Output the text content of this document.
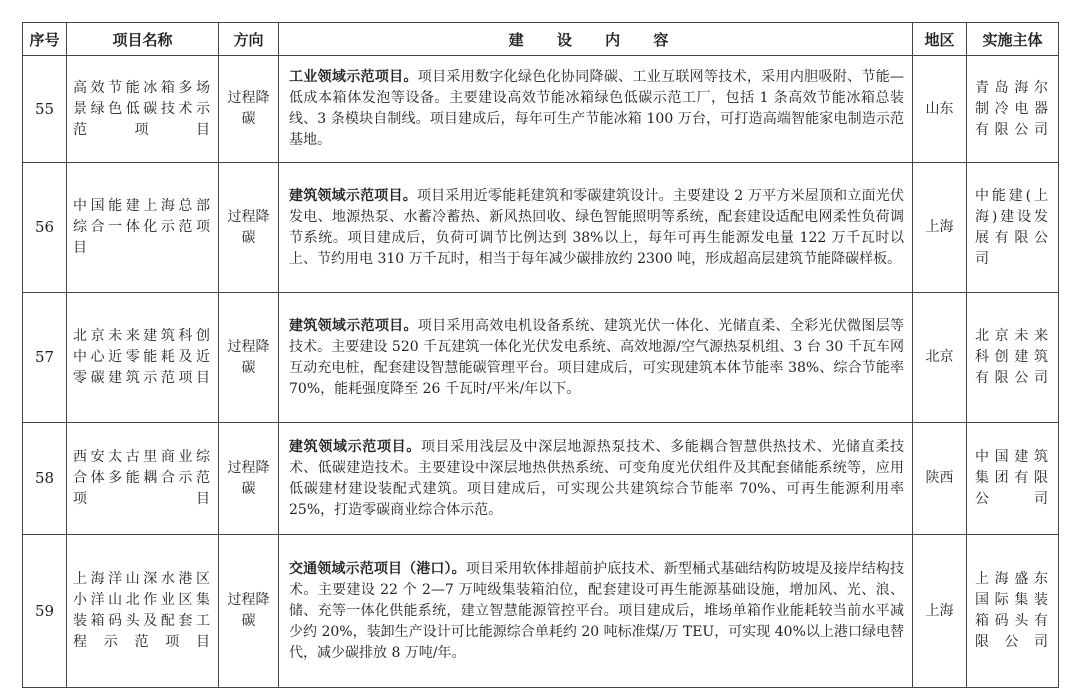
序号	项目名称	方向	建 设 内 容	地区	实施主体
55	高效节能冰箱多场景绿色低碳技术示范项目	过程降碳	工业领域示范项目。项目采用数字化绿色化协同降碳、工业互联网等技术，采用内胆吸附、节能—低成本箱体发泡等设备。主要建设高效节能冰箱绿色低碳示范工厂，包括 1 条高效节能冰箱总装线、3 条模块自制线。项目建成后，每年可生产节能冰箱 100 万台，可打造高端智能家电制造示范基地。	山东	青岛海尔制冷电器有限公司
56	中国能建上海总部综合一体化示范项目	过程降碳	建筑领域示范项目。项目采用近零能耗建筑和零碳建筑设计。主要建设 2 万平方米屋顶和立面光伏发电、地源热泵、水蓄冷蓄热、新风热回收、绿色智能照明等系统，配套建设适配电网柔性负荷调节系统。项目建成后，负荷可调节比例达到 38%以上，每年可再生能源发电量 122 万千瓦时以上、节约用电 310 万千瓦时，相当于每年减少碳排放约 2300 吨，形成超高层建筑节能降碳样板。	上海	中能建(上海)建设发展有限公司
57	北京未来建筑科创中心近零能耗及近零碳建筑示范项目	过程降碳	建筑领域示范项目。项目采用高效电机设备系统、建筑光伏一体化、光储直柔、全彩光伏微图层等技术。主要建设 520 千瓦建筑一体化光伏发电系统、高效地源/空气源热泵机组、3 台 30 千瓦车网互动充电桩，配套建设智慧能碳管理平台。项目建成后，可实现建筑本体节能率 38%、综合节能率 70%，能耗强度降至 26 千瓦时/平米/年以下。	北京	北京未来科创建筑有限公司
58	西安太古里商业综合体多能耦合示范项目	过程降碳	建筑领域示范项目。项目采用浅层及中深层地源热泵技术、多能耦合智慧供热技术、光储直柔技术、低碳建造技术。主要建设中深层地热供热系统、可变角度光伏组件及其配套储能系统等，应用低碳建材建设装配式建筑。项目建成后，可实现公共建筑综合节能率 70%、可再生能源利用率 25%，打造零碳商业综合体示范。	陕西	中国建筑集团有限公司
59	上海洋山深水港区小洋山北作业区集装箱码头及配套工程示范项目	过程降碳	交通领域示范项目（港口）。项目采用软体排超前护底技术、新型桶式基础结构防坡堤及接岸结构技术。主要建设 22 个 2—7 万吨级集装箱泊位，配套建设可再生能源基础设施，增加风、光、浪、储、充等一体化供能系统，建立智慧能源管控平台。项目建成后，堆场单箱作业能耗较当前水平减少约 20%，装卸生产设计可比能源综合单耗约 20 吨标准煤/万 TEU，可实现 40%以上港口绿电替代，减少碳排放 8 万吨/年。	上海	上海盛东国际集装箱码头有限公司
